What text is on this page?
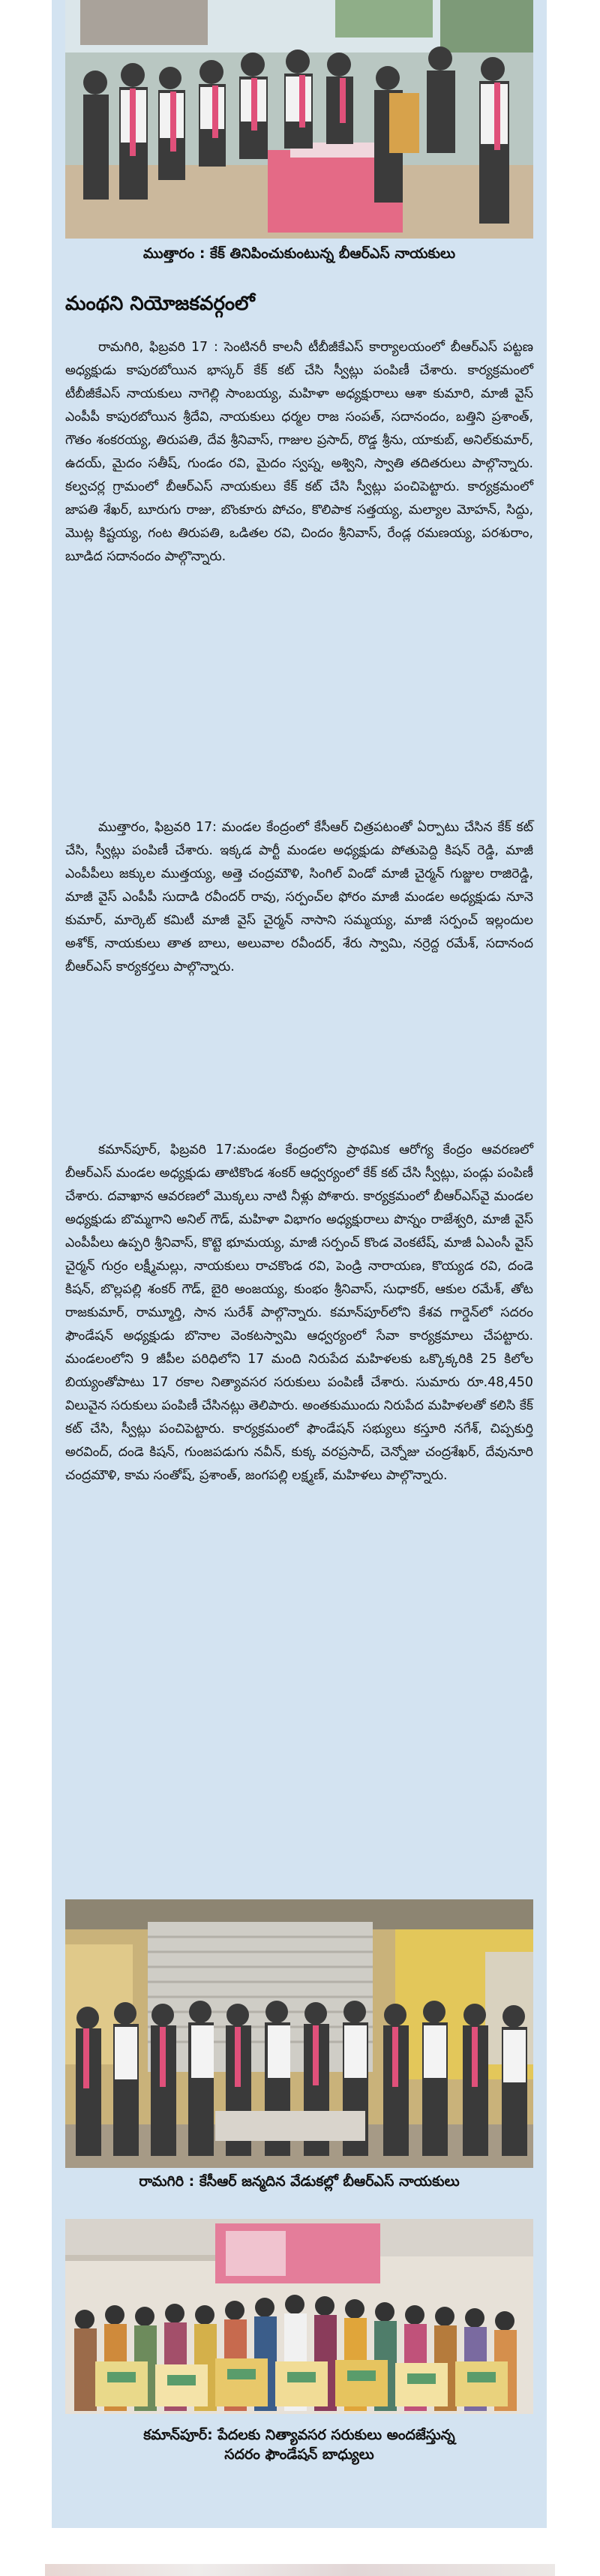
ముత్తారం : కేక్ తినిపించుకుంటున్న బీఆర్ఎస్ నాయకులు
మంథని నియోజకవర్గంలో

రామగిరి, ఫిబ్రవరి 17 : సెంటినరీ కాలనీ టీబీజీకేఎస్ కార్యాలయంలో బీఆర్ఎస్ పట్టణ అధ్యక్షుడు కాపురబోయిన భాస్కర్ కేక్ కట్ చేసి స్వీట్లు పంపిణీ చేశారు. కార్యక్రమంలో టీబీజీకేఎస్ నాయకులు నాగెల్లి సాంబయ్య, మహిళా అధ్యక్షురాలు ఆశా కుమారి, మాజీ వైస్ ఎంపీపీ కాపురబోయిన శ్రీదేవి, నాయకులు ధర్మల రాజ సంపత్, సదానందం, బత్తిని ప్రశాంత్, గౌతం శంకరయ్య, తిరుపతి, దేవ శ్రీనివాస్, గాజుల ప్రసాద్, రొడ్డ శ్రీను, యాకుబ్, అనిల్‌కుమార్, ఉదయ్, మైదం సతీష్, గుండం రవి, మైదం స్వప్న, అశ్విని, స్వాతి తదితరులు పాల్గొన్నారు. కల్వచర్ల గ్రామంలో బీఆర్ఎస్ నాయకులు కేక్ కట్ చేసి స్వీట్లు పంచిపెట్టారు. కార్యక్రమంలో జాపతి శేఖర్, బూరుగు రాజు, బొంకూరు పోచం, కొలిపాక సత్తయ్య, మల్యాల మోహన్, సిద్దు, మొట్ల కిష్టయ్య, గంట తిరుపతి, ఒడితల రవి, చిందం శ్రీనివాస్, రేండ్ల రమణయ్య, పరశురాం, బూడిద సదానందం పాల్గొన్నారు.

ముత్తారం, ఫిబ్రవరి 17: మండల కేంద్రంలో కేసీఆర్ చిత్రపటంతో ఏర్పాటు చేసిన కేక్ కట్ చేసి, స్వీట్లు పంపిణీ చేశారు. ఇక్కడ పార్టీ మండల అధ్యక్షుడు పోతుపెద్ది కిషన్ రెడ్డి, మాజీ ఎంపీపీలు జక్కుల ముత్తయ్య, అత్తె చంద్రమౌళి, సింగిల్ విండో మాజీ చైర్మన్ గుజ్జుల రాజిరెడ్డి, మాజీ వైస్ ఎంపీపీ సుదాడి రవీందర్ రావు, సర్పంచ్‌ల ఫోరం మాజీ మండల అధ్యక్షుడు నూనె కుమార్, మార్కెట్ కమిటీ మాజీ వైస్ చైర్మన్ నాసాని సమ్మయ్య, మాజీ సర్పంచ్ ఇల్లందుల అశోక్, నాయకులు తాత బాలు, అలువాల రవీందర్, శేరు స్వామి, నర్రెద్ద రమేశ్, సదానంద బీఆర్ఎస్ కార్యకర్తలు పాల్గొన్నారు.

కమాన్‌పూర్, ఫిబ్రవరి 17:మండల కేంద్రంలోని ప్రాథమిక ఆరోగ్య కేంద్రం ఆవరణలో బీఆర్ఎస్ మండల అధ్యక్షుడు తాటికొండ శంకర్ ఆధ్వర్యంలో కేక్ కట్ చేసి స్వీట్లు, పండ్లు పంపిణీ చేశారు. దవాఖాన ఆవరణలో మొక్కలు నాటి నీళ్లు పోశారు. కార్యక్రమంలో బీఆర్ఎస్‌వై మండల అధ్యక్షుడు బొమ్మగాని అనిల్ గౌడ్, మహిళా విభాగం అధ్యక్షురాలు పొన్నం రాజేశ్వరి, మాజీ వైస్ ఎంపీపీలు ఉప్పరి శ్రీనివాస్, కొట్టె భూమయ్య, మాజీ సర్పంచ్ కొండ వెంకటేష్, మాజీ ఏఎంసీ వైస్ చైర్మన్ గుర్రం లక్ష్మీమల్లు, నాయకులు రాచకొండ రవి, పెండ్రి నారాయణ, కొయ్యడ రవి, దండె కిషన్, బొల్లపల్లి శంకర్ గౌడ్, బైరి అంజయ్య, కుంభం శ్రీనివాస్, సుధాకర్, ఆకుల రమేశ్, తోట రాజకుమార్, రామ్మూర్తి, సాన సురేశ్ పాల్గొన్నారు. కమాన్‌పూర్‌లోని కేశవ గార్డెన్‌లో సదరం ఫౌండేషన్ అధ్యక్షుడు బొనాల వెంకటస్వామి ఆధ్వర్యంలో సేవా కార్యక్రమాలు చేపట్టారు. మండలంలోని 9 జీపీల పరిధిలోని 17 మంది నిరుపేద మహిళలకు ఒక్కొక్కరికి 25 కిలోల బియ్యంతోపాటు 17 రకాల నిత్యావసర సరుకులు పంపిణీ చేశారు. సుమారు రూ.48,450 విలువైన సరుకులు పంపిణీ చేసినట్లు తెలిపారు. అంతకుముందు నిరుపేద మహిళలతో కలిసి కేక్ కట్ చేసి, స్వీట్లు పంచిపెట్టారు. కార్యక్రమంలో ఫౌండేషన్ సభ్యులు కస్తూరి నగేశ్, చిప్పకుర్తి అరవింద్, దండె కిషన్, గుంజపడుగు నవీన్, కుక్క వరప్రసాద్, చెన్నోజు చంద్రశేఖర్, దేవునూరి చంద్రమౌళి, కామ సంతోష్, ప్రశాంత్, జంగపల్లి లక్ష్మణ్, మహిళలు పాల్గొన్నారు.

రామగిరి : కేసీఆర్ జన్మదిన వేడుకల్లో బీఆర్ఎస్ నాయకులు
కమాన్‌పూర్: పేదలకు నిత్యావసర సరుకులు అందజేస్తున్న
సదరం ఫౌండేషన్ బాధ్యులు
